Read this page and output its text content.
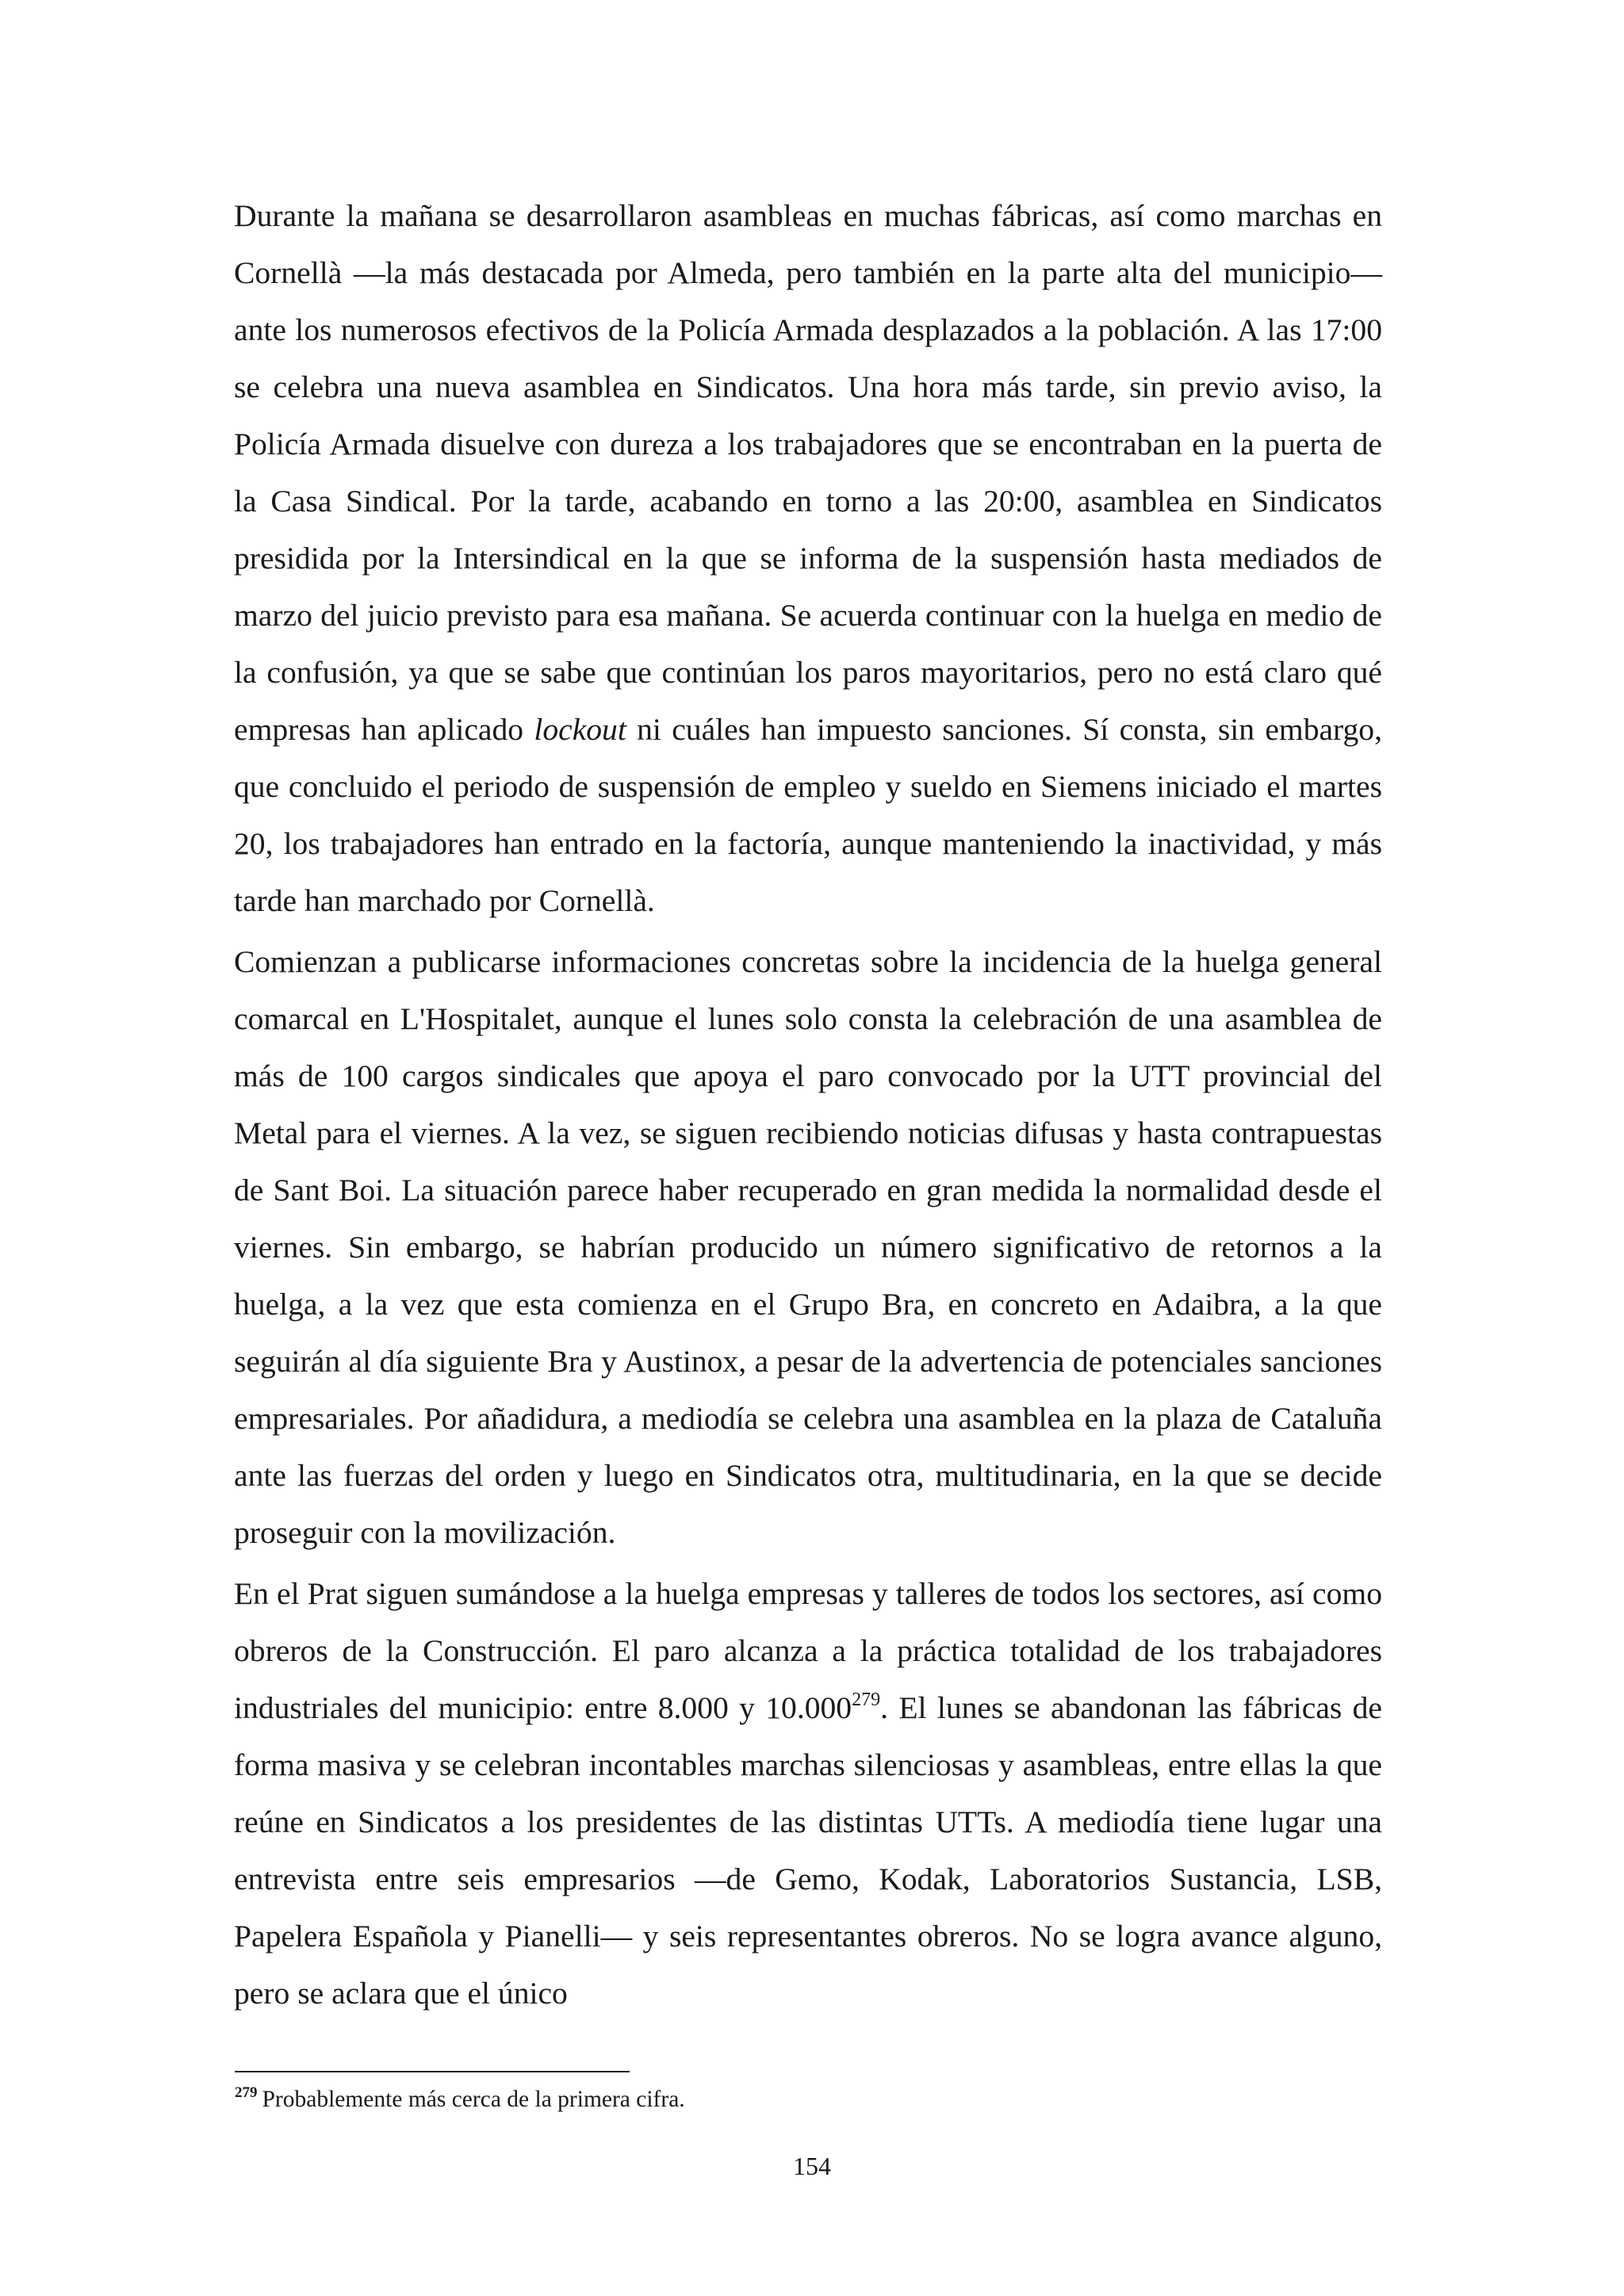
Durante la mañana se desarrollaron asambleas en muchas fábricas, así como marchas en Cornellà —la más destacada por Almeda, pero también en la parte alta del municipio— ante los numerosos efectivos de la Policía Armada desplazados a la población. A las 17:00 se celebra una nueva asamblea en Sindicatos. Una hora más tarde, sin previo aviso, la Policía Armada disuelve con dureza a los trabajadores que se encontraban en la puerta de la Casa Sindical. Por la tarde, acabando en torno a las 20:00, asamblea en Sindicatos presidida por la Intersindical en la que se informa de la suspensión hasta mediados de marzo del juicio previsto para esa mañana. Se acuerda continuar con la huelga en medio de la confusión, ya que se sabe que continúan los paros mayoritarios, pero no está claro qué empresas han aplicado lockout ni cuáles han impuesto sanciones. Sí consta, sin embargo, que concluido el periodo de suspensión de empleo y sueldo en Siemens iniciado el martes 20, los trabajadores han entrado en la factoría, aunque manteniendo la inactividad, y más tarde han marchado por Cornellà.

Comienzan a publicarse informaciones concretas sobre la incidencia de la huelga general comarcal en L'Hospitalet, aunque el lunes solo consta la celebración de una asamblea de más de 100 cargos sindicales que apoya el paro convocado por la UTT provincial del Metal para el viernes. A la vez, se siguen recibiendo noticias difusas y hasta contrapuestas de Sant Boi. La situación parece haber recuperado en gran medida la normalidad desde el viernes. Sin embargo, se habrían producido un número significativo de retornos a la huelga, a la vez que esta comienza en el Grupo Bra, en concreto en Adaibra, a la que seguirán al día siguiente Bra y Austinox, a pesar de la advertencia de potenciales sanciones empresariales. Por añadidura, a mediodía se celebra una asamblea en la plaza de Cataluña ante las fuerzas del orden y luego en Sindicatos otra, multitudinaria, en la que se decide proseguir con la movilización.

En el Prat siguen sumándose a la huelga empresas y talleres de todos los sectores, así como obreros de la Construcción. El paro alcanza a la práctica totalidad de los trabajadores industriales del municipio: entre 8.000 y 10.000$^{279}$. El lunes se abandonan las fábricas de forma masiva y se celebran incontables marchas silenciosas y asambleas, entre ellas la que reúne en Sindicatos a los presidentes de las distintas UTTs. A mediodía tiene lugar una entrevista entre seis empresarios —de Gemo, Kodak, Laboratorios Sustancia, LSB, Papelera Española y Pianelli— y seis representantes obreros. No se logra avance alguno, pero se aclara que el único

$^{279}$ Probablemente más cerca de la primera cifra.

154
